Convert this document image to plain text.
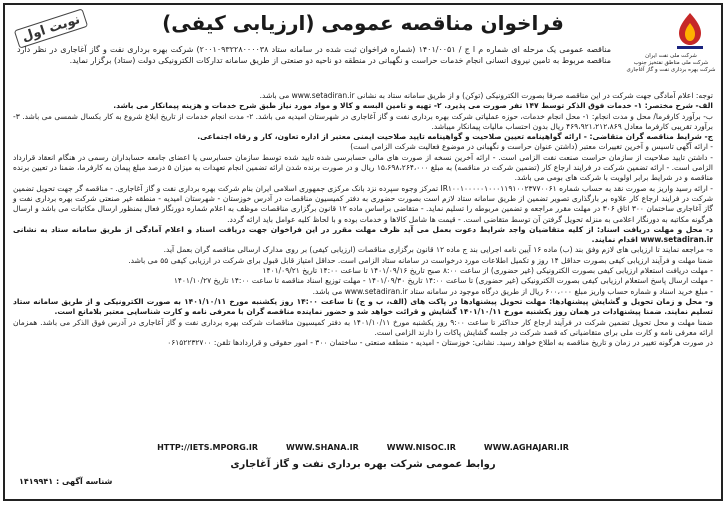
شرکت ملی نفت ایران
شرکت ملی مناطق نفتخیز جنوب
شرکت بهره برداری نفت و گاز آغاجاری
فراخوان مناقصه عمومی (ارزیابی کیفی)
نوبت اول
مناقصه عمومی یک مرحله ای شماره م ا ج / ۱۴۰۱/۰۰۵۱ (شماره فراخوان ثبت شده در سامانه ستاد ۲۰۰۱۰۹۳۲۲۸۰۰۰۰۳۸) شرکت بهره برداری نفت و گاز آغاجاری در نظر دارد مناقصه مربوط به تامین نیروی انسانی انجام خدمات حراست و نگهبانی در منطقه دو ناحیه دو صنعتی از طریق سامانه تدارکات الکترونیکی دولت (ستاد) برگزار نماید.

توجه: اعلام آمادگی جهت شرکت در این مناقصه صرفا بصورت الکترونیکی (توکن) و از طریق سامانه ستاد به نشانی www.setadiran.ir می باشد.

الف- شرح مختصر: ۱- خدمات فوق الذکر توسط ۱۴۷ نفر صورت می پذیرد. ۲- تهیه و تامین البسه و کالا و مواد مورد نیاز طبق شرح خدمات و هزینه پیمانکار می باشد.

ب- برآورد کارفرما/ محل و مدت انجام: ۱- محل انجام خدمات، حوزه عملیاتی شرکت بهره برداری نفت و گاز آغاجاری در شهرستان امیدیه می باشد. ۲- مدت انجام خدمات از تاریخ ابلاغ شروع به کار بکسال شمسی می باشد. ۳- برآورد تقریبی کارفرما معادل ۴۶۹،۹۲۱،۲۱۲،۸۶۹ ریال بدون احتساب مالیات پیمانکار میباشد.

ج- شرایط مناقصه گران متقاضی: - ارائه گواهینامه تعیین صلاحیت و گواهینامه تایید صلاحیت ایمنی معتبر از اداره تعاون، کار و رفاه اجتماعی.

- ارائه آگهی تاسیس و آخرین تغییرات معتبر (داشتن عنوان حراست و نگهبانی در موضوع فعالیت شرکت الزامی است)

- داشتن تایید صلاحیت از سازمان حراست صنعت نفت الزامی است. - ارائه آخرین نسخه از صورت های مالی حسابرسی شده تایید شده توسط سازمان حسابرسی یا اعضای جامعه حسابداران رسمی در هنگام انعقاد قرارداد الزامی است. - ارائه تضمین شرکت در فرایند ارجاع کار (تضمین شرکت در مناقصه) به مبلغ ۱۵،۶۹۸،۲۶۴،۰۰۰ ریال و در صورت برنده شدن ارائه تضمین انجام تعهدات به میزان ۵ درصد مبلغ پیمان به کارفرما، ضمنا در تعیین برنده مناقصه و در شرایط برابر اولویت با شرکت های بومی می باشد.

- ارائه رسید واریز به صورت نقد به حساب شماره IR۱۰۰۱۰۰۰۰۰۱۰۰۰۱۱۹۱۰۰۲۳۷۷۰۰۶۱ تمرکز وجوه سپرده نزد بانک مرکزی جمهوری اسلامی ایران بنام شرکت بهره برداری نفت و گاز آغاجاری. - مناقصه گر جهت تحویل تضمین شرکت در فرایند ارجاع کار علاوه بر بارگذاری تصویر تضمین از طریق سامانه ستاد لازم است بصورت حضوری به دفتر کمیسیون مناقصات در آدرس خوزستان - شهرستان امیدیه - منطقه غیر صنعتی شرکت بهره برداری نفت و گاز آغاجاری ساختمان ۳۰۰ اتاق ۳۰۶ در مهلت مقرر مراجعه و تضمین مربوطه را تسلیم نماید. - متقاضی براساس ماده ۱۲ قانون برگزاری مناقصات موظف به اعلام شماره دورنگار فعال بمنظور ارسال مکاتبات می باشد و ارسال هرگونه مکاتبه به دورنگار اعلامی به منزله تحویل گرفتن آن توسط متقاضی است. - قیمت ها شامل کالاها و خدمات بوده و با لحاظ کلیه عوامل باید ارائه گردد.

د- محل و مهلت دریافت اسناد: از کلیه متقاضیان واجد شرایط دعوت بعمل می آید ظرف مهلت مقرر در این فراخوان جهت دریافت اسناد و اعلام آمادگی از طریق سامانه ستاد به نشانی www.setadiran.ir اقدام نمایند.

ه- مراجعه نمایند تا ارزیابی های لازم وفق بند (ب) ماده ۱۶ آیین نامه اجرایی بند ج ماده ۱۲ قانون برگزاری مناقصات (ارزیابی کیفی) بر روی مدارک ارسالی مناقصه گران بعمل آید.

ضمنا مهلت و فرآیند ارزیابی کیفی بصورت حداقل ۱۴ روز و تکمیل اطلاعات مورد درخواست در سامانه ستاد الزامی است. حداقل امتیاز قابل قبول برای شرکت در ارزیابی کیفی ۵۵ می باشد.

- مهلت دریافت استعلام ارزیابی کیفی بصورت الکترونیکی (غیر حضوری) از ساعت ۸:۰۰ صبح تاریخ ۱۴۰۱/۰۹/۱۶ تا ساعت ۱۴:۰۰ تاریخ ۱۴۰۱/۰۹/۲۱

- مهلت ارسال پاسخ استعلام ارزیابی کیفی بصورت الکترونیکی (غیر حضوری) تا ساعت ۱۴:۰۰ تاریخ ۱۴۰۱/۰۹/۳۰ - مهلت توزیع اسناد مناقصه تا ساعت ۱۴:۰۰ تاریخ ۱۴۰۱/۱۰/۲۷

- مبلغ خرید اسناد و شماره حساب واریز مبلغ ۶۰۰،۰۰۰ ریال از طریق درگاه موجود در سامانه ستاد www.setadiran.ir می باشد.

و- محل و زمان تحویل و گشایش پیشنهادها: مهلت تحویل پیشنهادها در پاکت های (الف، ب و ج) تا ساعت ۱۴:۰۰ روز یکشنبه مورخ ۱۴۰۱/۱۰/۱۱ به صورت الکترونیکی و از طریق سامانه ستاد تسلیم نمایند. ضمنا پیشنهادات در همان روز یکشنبه مورخ ۱۴۰۱/۱۰/۱۱ گشایش و قرائت خواهد شد و حضور نماینده مناقصه گران با معرفی نامه و کارت شناسایی معتبر بلامانع است.

ضمنا مهلت و محل تحویل تضمین شرکت در فرآیند ارجاع کار حداکثر تا ساعت ۹:۰۰ روز یکشنبه مورخ ۱۴۰۱/۱۰/۱۱ به دفتر کمیسیون مناقصات شرکت بهره برداری نفت و گاز آغاجاری در آدرس فوق الذکر می باشد. همزمان ارائه معرفی نامه و کارت ملی برای متقاضیانی که قصد شرکت در جلسه گشایش پاکات را دارند الزامی است.

در صورت هرگونه تغییر در زمان و تاریخ مناقصه به اطلاع خواهد رسید. نشانی: خوزستان - امیدیه - منطقه صنعتی - ساختمان ۳۰۰ - امور حقوقی و قراردادها تلفن: ۰۶۱۵۲۲۳۲۷۰۰

HTTP://IETS.MPORG.IR	WWW.SHANA.IR	WWW.NISOC.IR	WWW.AGHAJARI.IR
روابط عمومی شرکت بهره برداری نفت و گاز آغاجاری
شناسه آگهی : ۱۴۱۹۹۴۱
